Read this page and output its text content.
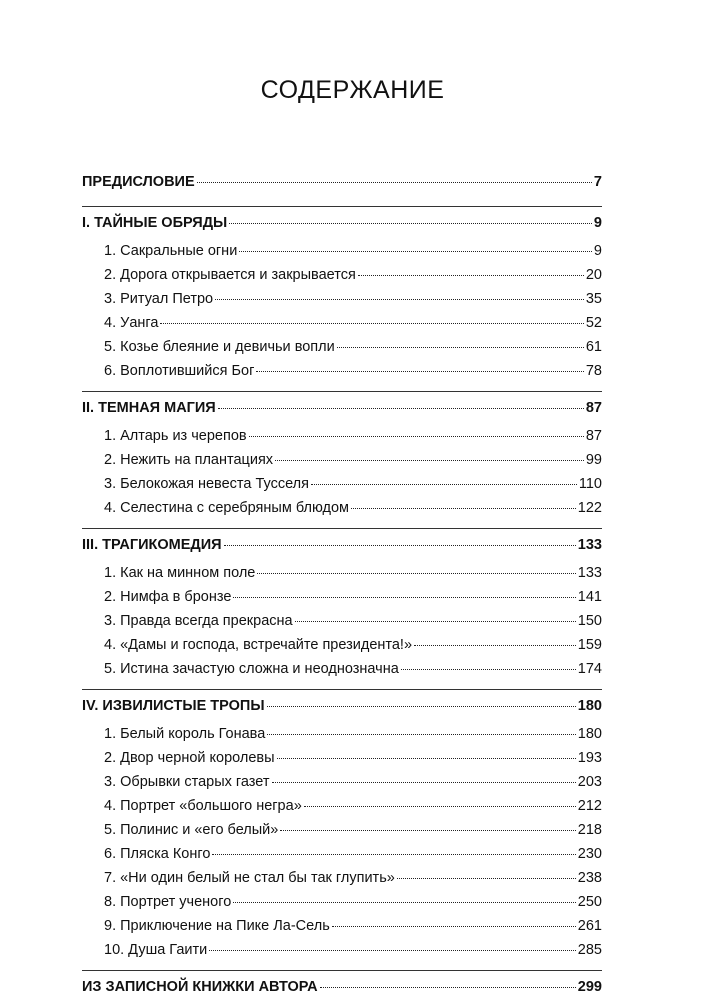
СОДЕРЖАНИЕ
ПРЕДИСЛОВИЕ	7
I. ТАЙНЫЕ ОБРЯДЫ	9
1. Сакральные огни	9
2. Дорога открывается и закрывается	20
3. Ритуал Петро	35
4. Уанга	52
5. Козье блеяние и девичьи вопли	61
6. Воплотившийся Бог	78
II. ТЕМНАЯ МАГИЯ	87
1. Алтарь из черепов	87
2. Нежить на плантациях	99
3. Белокожая невеста Тусселя	110
4. Селестина с серебряным блюдом	122
III. ТРАГИКОМЕДИЯ	133
1. Как на минном поле	133
2. Нимфа в бронзе	141
3. Правда всегда прекрасна	150
4. «Дамы и господа, встречайте президента!»	159
5. Истина зачастую сложна и неоднозначна	174
IV. ИЗВИЛИСТЫЕ ТРОПЫ	180
1. Белый король Гонава	180
2. Двор черной королевы	193
3. Обрывки старых газет	203
4. Портрет «большого негра»	212
5. Полинис и «его белый»	218
6. Пляска Конго	230
7. «Ни один белый не стал бы так глупить»	238
8. Портрет ученого	250
9. Приключение на Пике Ла-Сель	261
10. Душа Гаити	285
ИЗ ЗАПИСНОЙ КНИЖКИ АВТОРА	299
